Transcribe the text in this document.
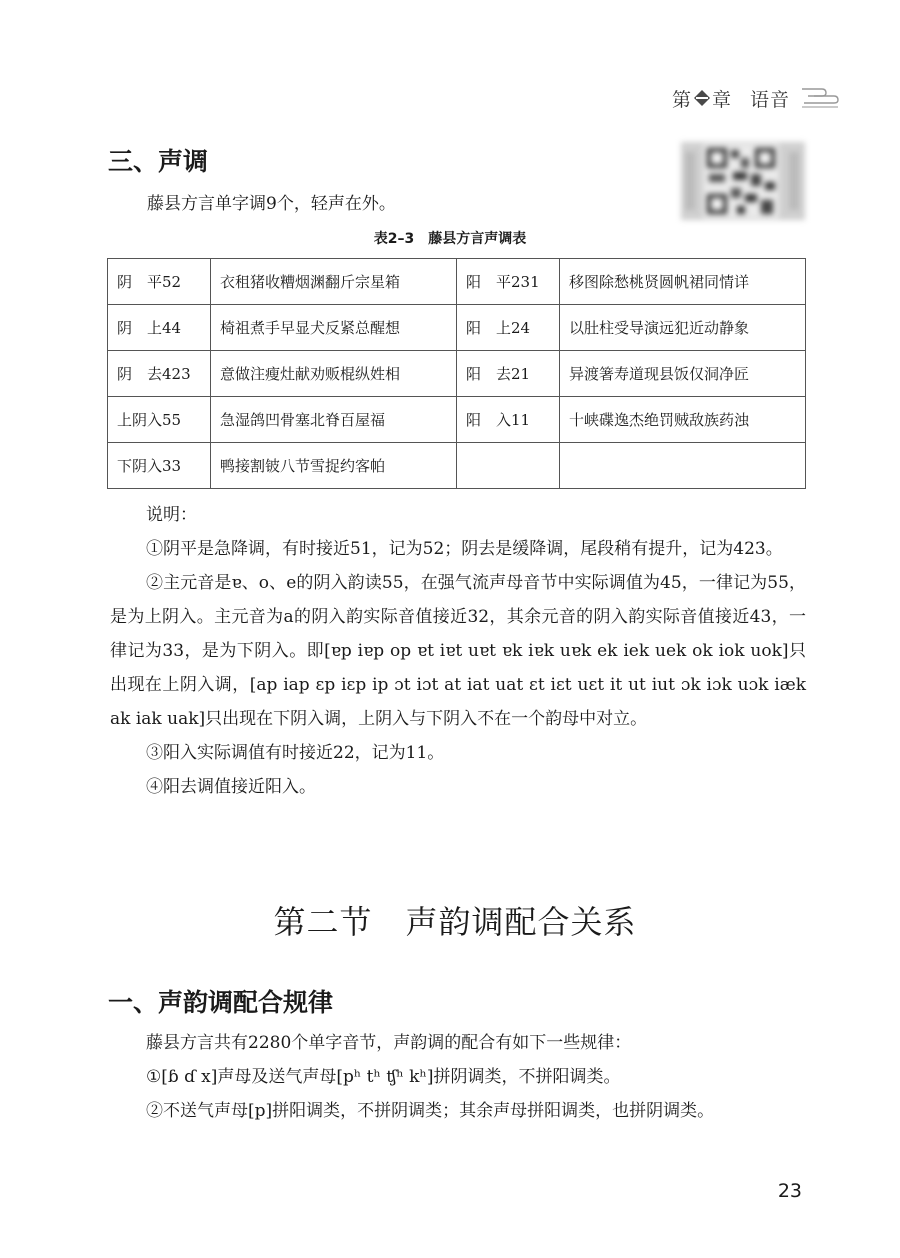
第 章 语音
三、声调
藤县方言单字调9个，轻声在外。
表2–3　藤县方言声调表
阴　平52	衣租猪收糟烟渊翻斤宗星箱	阳　平231	移图除愁桃贤圆帆裙同情详
阴　上44	椅祖煮手早显犬反紧总醒想	阳　上24	以肚柱受导演远犯近动静象
阴　去423	意做注瘦灶献劝贩棍纵姓相	阳　去21	异渡箸寿道现县饭仅洞净匠
上阴入55	急湿鸽凹骨塞北脊百屋福	阳　入11	十峡碟逸杰绝罚贼敌族药浊
下阴入33	鸭接割铍八节雪捉约客帕		

说明：

①阴平是急降调，有时接近51，记为52；阴去是缓降调，尾段稍有提升，记为423。

②主元音是ɐ、o、e的阴入韵读55，在强气流声母音节中实际调值为45，一律记为55，是为上阴入。主元音为a的阴入韵实际音值接近32，其余元音的阴入韵实际音值接近43，一律记为33，是为下阴入。即[ɐp iɐp op ɐt iɐt uɐt ɐk iɐk uɐk ek iek uek ok iok uok]只出现在上阴入调，[ap iap ɛp iɛp ip ɔt iɔt at iat uat ɛt iɛt uɛt it ut iut ɔk iɔk uɔk iæk ak iak uak]只出现在下阴入调，上阴入与下阴入不在一个韵母中对立。

③阳入实际调值有时接近22，记为11。

④阳去调值接近阳入。

第二节　声韵调配合关系
一、声韵调配合规律

藤县方言共有2280个单字音节，声韵调的配合有如下一些规律：

①[ɓ ɗ x]声母及送气声母[pʰ tʰ ʧʰ kʰ]拼阴调类，不拼阳调类。

②不送气声母[p]拼阳调类，不拼阴调类；其余声母拼阳调类，也拼阴调类。

23
